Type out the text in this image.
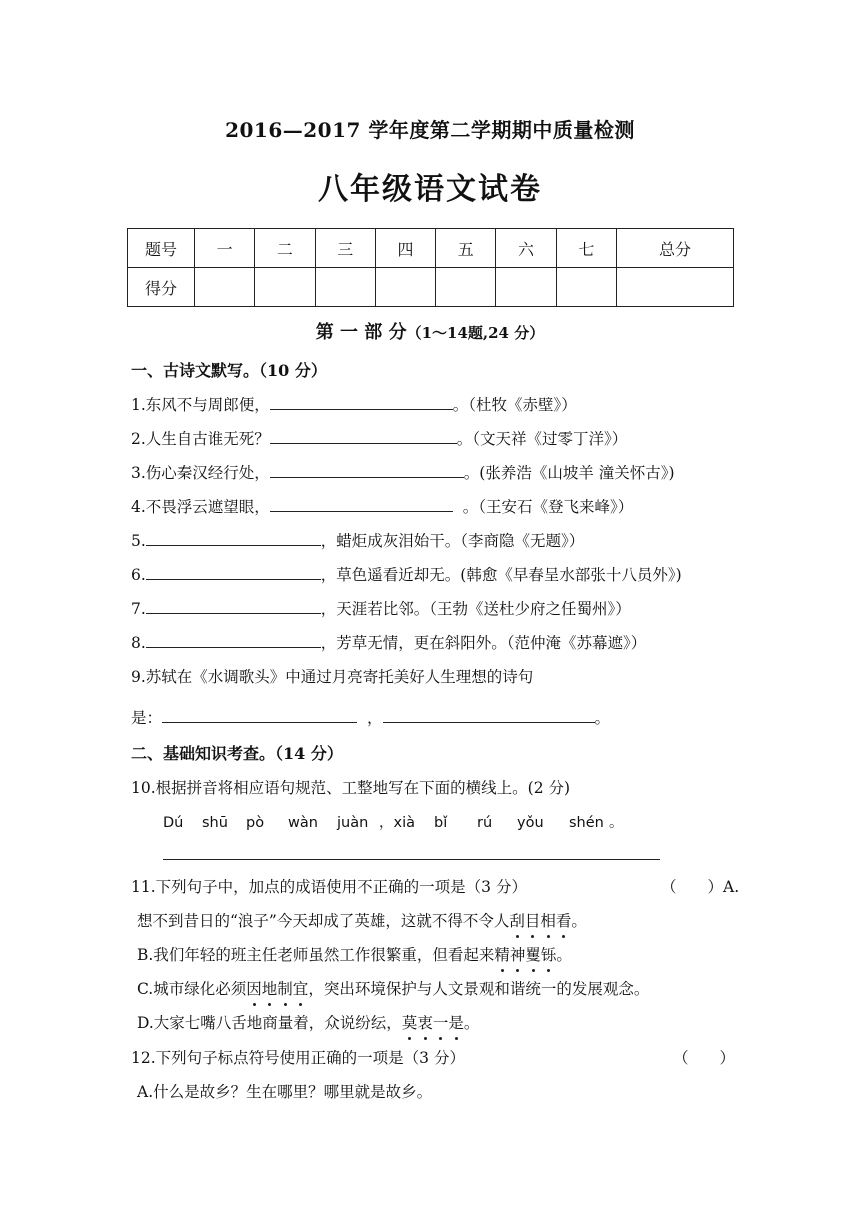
2016—2017 学年度第二学期期中质量检测
八年级语文试卷
题号	一	二	三	四	五	六	七	总分
得分								
第 一 部 分（1～14题,24 分）
一、古诗文默写。（10 分）
1.东风不与周郎便，	。（杜牧《赤壁》）
2.人生自古谁无死？	。（文天祥《过零丁洋》）
3.伤心秦汉经行处，	。(张养浩《山坡羊 潼关怀古》)
4.不畏浮云遮望眼，	。（王安石《登飞来峰》）
5.	，蜡炬成灰泪始干。（李商隐《无题》）
6.	，草色遥看近却无。(韩愈《早春呈水部张十八员外》)
7.	，天涯若比邻。（王勃《送杜少府之任蜀州》）
8.	，芳草无情，更在斜阳外。（范仲淹《苏幕遮》）
9.苏轼在《水调歌头》中通过月亮寄托美好人生理想的诗句
是：	，	。
二、基础知识考查。（14 分）
10.根据拼音将相应语句规范、工整地写在下面的横线上。(2 分)
Dú shū pò wàn juàn ，xià bǐ rú yǒu shén 。
11.下列句子中，加点的成语使用不正确的一项是（3 分）	（　　）A.
想不到昔日的“浪子”今天却成了英雄，这就不得不令人刮目相看。
B.我们年轻的班主任老师虽然工作很繁重，但看起来精神矍铄。
C.城市绿化必须因地制宜，突出环境保护与人文景观和谐统一的发展观念。
D.大家七嘴八舌地商量着，众说纷纭，莫衷一是。
12.下列句子标点符号使用正确的一项是（3 分）	（　　）
A.什么是故乡？生在哪里？哪里就是故乡。
